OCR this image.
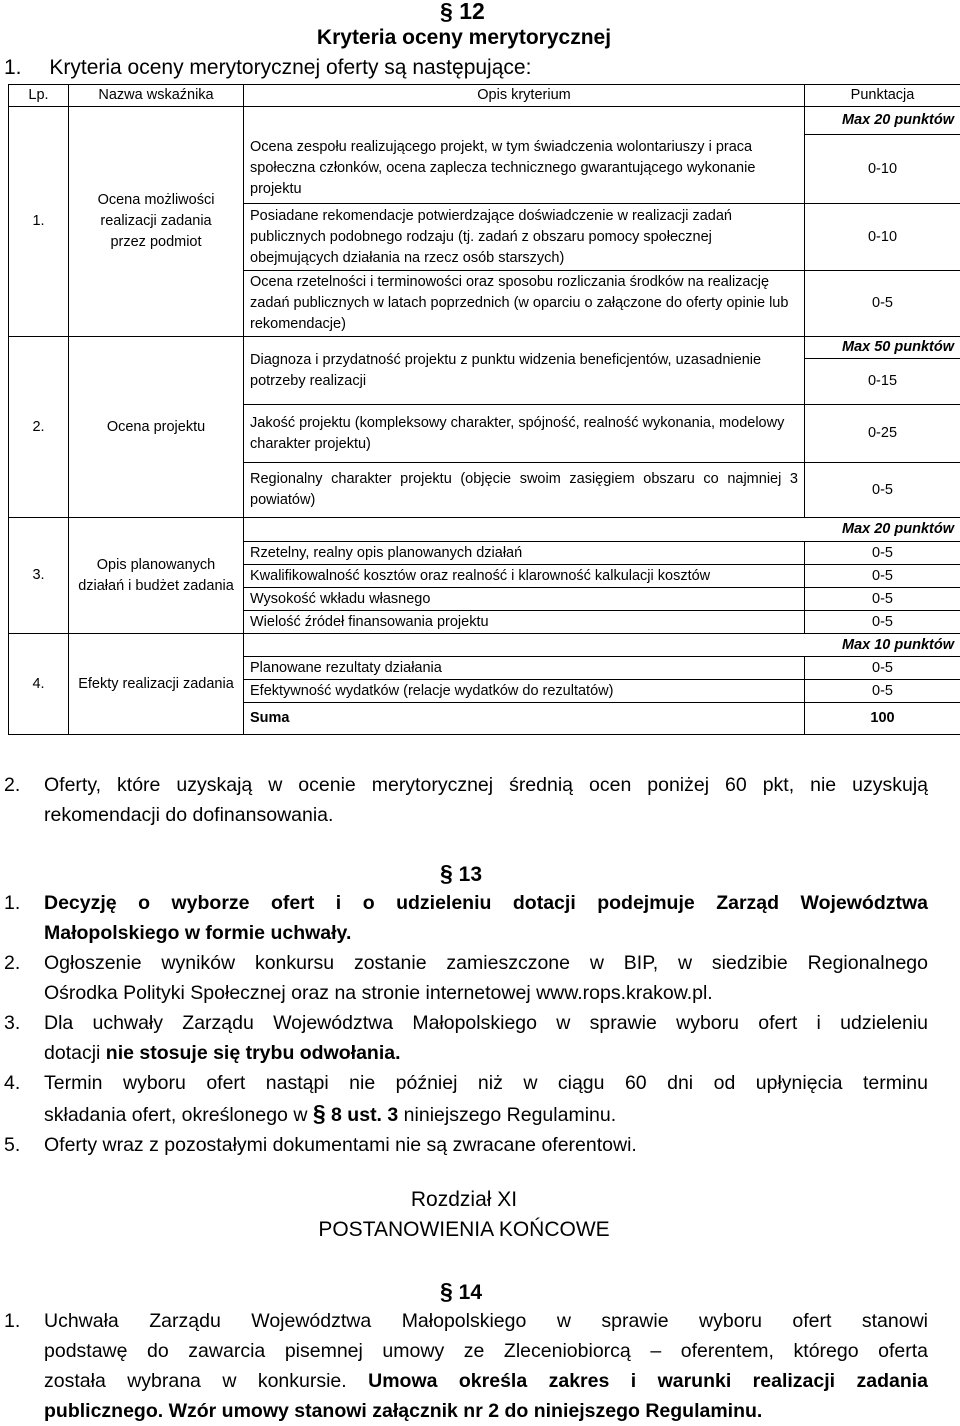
§ 12
Kryteria oceny merytorycznej
1. Kryteria oceny merytorycznej oferty są następujące:
Lp.	Nazwa wskaźnika	Opis kryterium	Punktacja
1.	Ocena możliwości realizacji zadania przez podmiot		Max 20 punktów
		Ocena zespołu realizującego projekt, w tym świadczenia wolontariuszy i praca społeczna członków, ocena zaplecza technicznego gwarantującego wykonanie projektu	0-10
		Posiadane rekomendacje potwierdzające doświadczenie w realizacji zadań publicznych podobnego rodzaju (tj. zadań z obszaru pomocy społecznej obejmujących działania na rzecz osób starszych)	0-10
		Ocena rzetelności i terminowości oraz sposobu rozliczania środków na realizację zadań publicznych w latach poprzednich (w oparciu o załączone do oferty opinie lub rekomendacje)	0-5
2.	Ocena projektu	Diagnoza i przydatność projektu z punktu widzenia beneficjentów, uzasadnienie potrzeby realizacji	Max 50 punktów
			0-15
		Jakość projektu (kompleksowy charakter, spójność, realność wykonania, modelowy charakter projektu)	0-25
		Regionalny charakter projektu (objęcie swoim zasięgiem obszaru co najmniej 3 powiatów)	0-5
3.	Opis planowanych działań i budżet zadania	Max 20 punktów	
		Rzetelny, realny opis planowanych działań	0-5
		Kwalifikowalność kosztów oraz realność i klarowność kalkulacji kosztów	0-5
		Wysokość wkładu własnego	0-5
		Wielość źródeł finansowania projektu	0-5
4.	Efekty realizacji zadania	Max 10 punktów	
		Planowane rezultaty działania	0-5
		Efektywność wydatków (relacje wydatków do rezultatów)	0-5
		Suma	100
2. Oferty, które uzyskają w ocenie merytorycznej średnią ocen poniżej 60 pkt, nie uzyskują
rekomendacji do dofinansowania.
§ 13
1. Decyzję o wyborze ofert i o udzieleniu dotacji podejmuje Zarząd Województwa
Małopolskiego w formie uchwały.
2. Ogłoszenie wyników konkursu zostanie zamieszczone w BIP, w siedzibie Regionalnego
Ośrodka Polityki Społecznej oraz na stronie internetowej www.rops.krakow.pl.
3. Dla uchwały Zarządu Województwa Małopolskiego w sprawie wyboru ofert i udzieleniu
dotacji nie stosuje się trybu odwołania.
4. Termin wyboru ofert nastąpi nie później niż w ciągu 60 dni od upłynięcia terminu
składania ofert, określonego w § 8 ust. 3 niniejszego Regulaminu.
5. Oferty wraz z pozostałymi dokumentami nie są zwracane oferentowi.
Rozdział XI
POSTANOWIENIA KOŃCOWE
§ 14
1. Uchwała Zarządu Województwa Małopolskiego w sprawie wyboru ofert stanowi
podstawę do zawarcia pisemnej umowy ze Zleceniobiorcą – oferentem, którego oferta
została wybrana w konkursie. Umowa określa zakres i warunki realizacji zadania
publicznego. Wzór umowy stanowi załącznik nr 2 do niniejszego Regulaminu.
